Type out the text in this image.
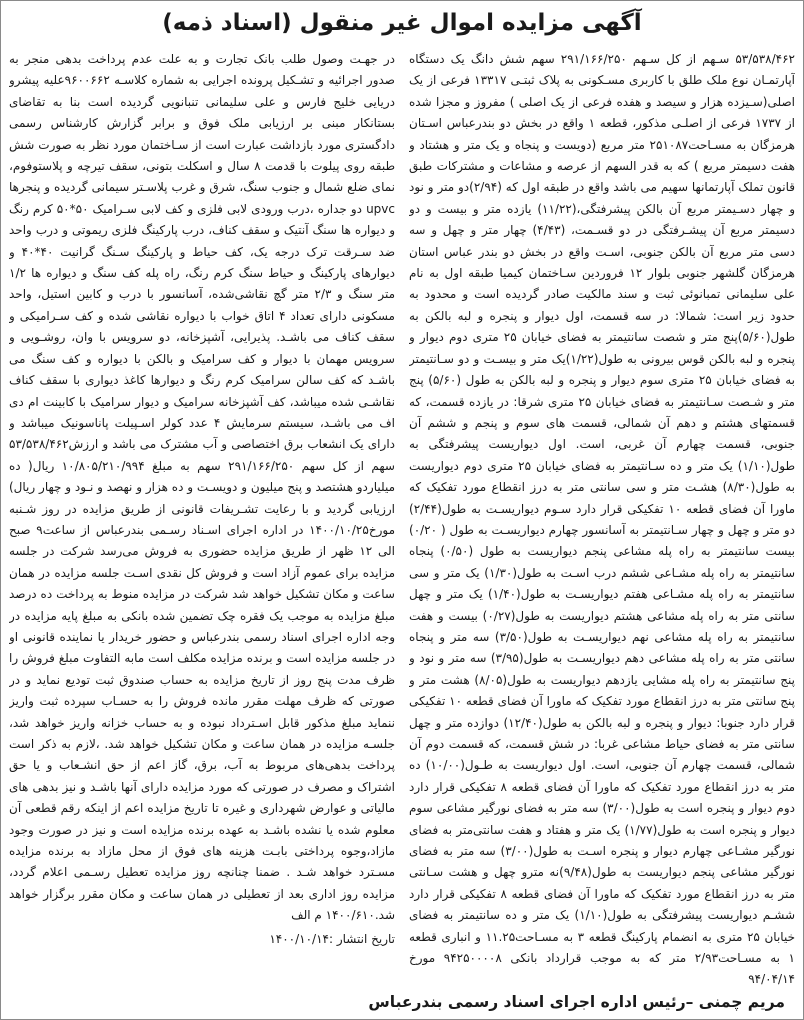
آگهی مزایده اموال غیر منقول (اسناد ذمه)

۵۳/۵۳۸/۴۶۲ سـهم از کل سـهم ۲۹۱/۱۶۶/۲۵۰ سهم شش دانگ یک دستگاه آپارتمـان نوع ملک طلق با کاربری مسـکونی به پلاک ثبتـی ۱۳۳۱۷ فرعی از یک اصلی(سـیزده هزار و سیصد و هفده فرعی از یک اصلی ) مفروز و مجزا شده از ۱۷۳۷ فرعی از اصلـی مذکور، قطعه ۱ واقع در بخش دو بندرعباس اسـتان هرمزگان به مسـاحت۲۵۱۰۸۷ متر مربع (دویست و پنجاه و یک متر و هشتاد و هفت دسیمتر مربع ) که به قدر السهم از عرصه و مشاعات و مشترکات طبق قانون تملک آپارتمانها سهیم می باشد واقع در طبقه اول که (۲/۹۴)دو متر و نود و چهار دسـیمتر مربع آن بالکن پیشرفتگی،(۱۱/۲۲) یازده متر و بیست و دو دسیمتر مربع آن پیشـرفتگی در دو قسـمت، (۴/۴۳) چهار متر و چهل و سه دسی متر مربع آن بالکن جنوبی، اسـت واقع در بخش دو بندر عباس استان هرمزگان گلشهر جنوبی بلوار ۱۲ فروردین سـاختمان کیمیا طبقه اول به نام علی سلیمانی تمبانوئی ثبت و سند مالکیت صادر گردیده است و محدود به حدود زیر است: شمالا: در سه قسمت، اول دیوار و پنجره و لبه بالکن به طول(۵/۶۰)پنج متر و شصت سانتیمتر به فضای خیابان ۲۵ متری دوم دیوار و پنجره و لبه بالکن قوس بیرونی به طول(۱/۲۲)یک متر و بیسـت و دو سـانتیمتر به فضای خیابان ۲۵ متری سوم دیوار و پنجره و لبه بالکن به طول (۵/۶۰) پنج متر و شـصت سـانتیمتر به فضای خیابان ۲۵ متری شرقا: در یازده قسمت، که قسمتهای هشتم و دهم آن شمالی، قسمت های سوم و پنجم و ششم آن جنوبی، قسمت چهارم آن غربی، است. اول دیواریست پیشرفتگی به طول(۱/۱۰) یک متر و ده سـانتیمتر به فضای خیابان ۲۵ متری دوم دیواریست به طول(۸/۳۰) هشـت متر و سی سانتی متر به درز انقطاع مورد تفکیک که ماورا آن فضای قطعه ۱۰ تفکیکی قرار دارد سـوم دیواریسـت به طول(۲/۴۴) دو متر و چهل و چهار سـانتیمتر به آسانسور چهارم دیواریسـت به طول ( ۰/۲۰) بیست سانتیمتر به راه پله مشاعی پنجم دیواریست به طول (۰/۵۰) پنجاه سانتیمتر به راه پله مشـاعی ششم درب اسـت به طول(۱/۳۰) یک متر و سی سانتیمتر به راه پله مشـاعی هفتم دیواریسـت به طول(۱/۴۰) یک متر و چهل سانتی متر به راه پله مشاعی هشتم دیواریست به طول(۰/۲۷) بیست و هفت سانتیمتر به راه پله مشاعی نهم دیواریسـت به طول(۳/۵۰) سه متر و پنجاه سانتی متر به راه پله مشاعی دهم دیواریسـت به طول(۳/۹۵) سه متر و نود و پنج سانتیمتر به راه پله مشایی یازدهم دیواریست به طول(۸/۰۵) هشت متر و پنج سانتی متر به درز انقطاع مورد تفکیک که ماورا آن فضای قطعه ۱۰ تفکیکی قرار دارد جنوبا: دیوار و پنجره و لبه بالکن به طول(۱۲/۴۰) دوازده متر و چهل سانتی متر به فضای حیاط مشاعی غربا: در شش قسمت، که قسمت دوم آن شمالی، قسمت چهارم آن جنوبی، است. اول دیواریست به طـول(۱۰/۰۰) ده متر به درز انقطاع مورد تفکیک که ماورا آن فضای قطعه ۸ تفکیکی قرار دارد دوم دیوار و پنجره است به طول(۳/۰۰) سه متر به فضای نورگیر مشاعی سوم دیوار و پنجره است به طول(۱/۷۷) یک متر و هفتاد و هفت سانتی‌متر به فضای نورگیر مشـاعی چهارم دیوار و پنجره اسـت به طول(۳/۰۰) سه متر به فضای نورگیر مشاعی پنجم دیواریست به طول(۹/۴۸)نه مترو چهل و هشت سـانتی متر به درز انقطاع مورد تفکیک که ماورا آن فضای قطعه ۸ تفکیکی قرار دارد ششـم دیواریست پیشرفتگی به طول(۱/۱۰) یک متر و ده سانتیمتر به فضای خیابان ۲۵ متری به انضمام پارکینگ قطعه ۳ به مسـاحت۱۱.۲۵ و انباری قطعه ۱ به مسـاحت۲/۹۳ متر که به موجب قرارداد بانکی ۹۴۲۵۰۰۰۰۸ مورخ ۹۴/۰۴/۱۴

در جهـت وصول طلب بانک تجارت و به علت عدم پرداخت بدهی منجر به صدور اجرائیه و تشـکیل پرونده اجرایی به شماره کلاسـه ۹۶۰۰۶۶۲علیه پیشرو دریایی خلیج فارس و علی سلیمانی تنبانویی گردیده است بنا به تقاضای بستانکار مبنی بر ارزیابی ملک فوق و برابر گزارش کارشناس رسمی دادگستری مورد بازداشت عبارت است از سـاختمان مورد نظر به صورت شش طبقه روی پیلوت با قدمت ۸ سال و اسکلت بتونی، سقف تیرچه و پلاستوفوم، نمای ضلع شمال و جنوب سنگ، شرق و غرب پلاسـتر سیمانی گردیده و پنجرها upvc دو جداره ،درب ورودی لابی فلزی و کف لابی سـرامیک ۵۰*۵۰ کرم رنگ و دیواره ها سنگ آنتیک و سقف کناف، درب پارکینگ فلزی ریموتی و درب واحد ضد سـرقت ترک درجه یک، کف حیاط و پارکینگ سـنگ گرانیت ۴۰*۴۰ و دیوارهای پارکینگ و حیاط سنگ کرم رنگ، راه پله کف سنگ و دیواره ها ۱/۲ متر سنگ و ۲/۳ متر گچ نقاشی‌شده، آسانسور با درب و کابین استیل، واحد مسکونی دارای تعداد ۴ اتاق خواب با دیواره نقاشی شده و کف سـرامیکی و سقف کناف می باشـد. پذیرایی، آشپزخانه، دو سرویس با وان، روشـویی و سرویس مهمان با دیوار و کف سرامیک و بالکن با دیواره و کف سنگ می باشـد که کف سالن سرامیک کرم رنگ و دیوارها کاغذ دیواری با سقف کناف نقاشـی شده میباشد، کف آشپزخانه سرامیک و دیوار سرامیک با کابینت ام دی اف می باشـد، سیستم سرمایش ۴ عدد کولر اسـپیلت پاناسونیک میباشد و دارای یک انشعاب برق اختصاصی و آب مشترک می باشد و ارزش۵۳/۵۳۸/۴۶۲ سهم از کل سهم ۲۹۱/۱۶۶/۲۵۰ سهم به مبلغ ۱۰/۸۰۵/۲۱۰/۹۹۴ ریال( ده میلیاردو هشتصد و پنج میلیون و دویسـت و ده هزار و نهصد و نـود و چهار ریال) ارزیابی گردید و با رعایت تشـریفات قانونی از طریق مزایده در روز شـنبه مورخ۱۴۰۰/۱۰/۲۵ در اداره اجرای اسـناد رسـمی بندرعباس از ساعت۹ صبح الی ۱۲ ظهر از طریق مزایده حضوری به فروش می‌رسد شرکت در جلسه مزایده برای عموم آزاد است و فروش کل نقدی اسـت جلسه مزایده در همان ساعت و مکان تشکیل خواهد شد شرکت در مزایده منوط به پرداخت ده درصد مبلغ مزایده به موجب یک فقره چک تضمین شده بانکی به مبلغ پایه مزایده در وجه اداره اجرای اسناد رسمی بندرعباس و حضور خریدار یا نماینده قانونی او در جلسه مزایده است و برنده مزایده مکلف است مابه التفاوت مبلغ فروش را ظرف مدت پنج روز از تاریخ مزایده به حساب صندوق ثبت تودیع نماید و در صورتی که ظرف مهلت مقرر مانده فروش را به حسـاب سپرده ثبت واریز ننماید مبلغ مذکور قابل اسـترداد نبوده و به حساب خزانه واریز خواهد شد، جلسـه مزایده در همان ساعت و مکان تشکیل خواهد شد. ،لازم به ذکر است پرداخت بدهی‌های مربوط به آب، برق، گاز اعم از حق انشـعاب و یا حق اشتراک و مصرف در صورتی که مورد مزایده دارای آنها باشـد و نیز بدهی های مالیاتی و عوارض شهرداری و غیره تا تاریخ مزایده اعم از اینکه رقم قطعی آن معلوم شده یا نشده باشـد به عهده برنده مزایده است و نیز در صورت وجود مازاد،وجوه پرداختی بابـت هزینه های فوق از محل مازاد به برنده مزایده مسـترد خواهد شـد . ضمنا چنانچه روز مزایده تعطیل رسـمی اعلام گردد، مزایده روز اداری بعد از تعطیلی در همان ساعت و مکان مقرر برگزار خواهد شد.۱۴۰۰/۶۱۰ م الف

تاریخ انتشار :۱۴۰۰/۱۰/۱۴

مریم چمنی –رئیس اداره اجرای اسناد رسمی بندرعباس
